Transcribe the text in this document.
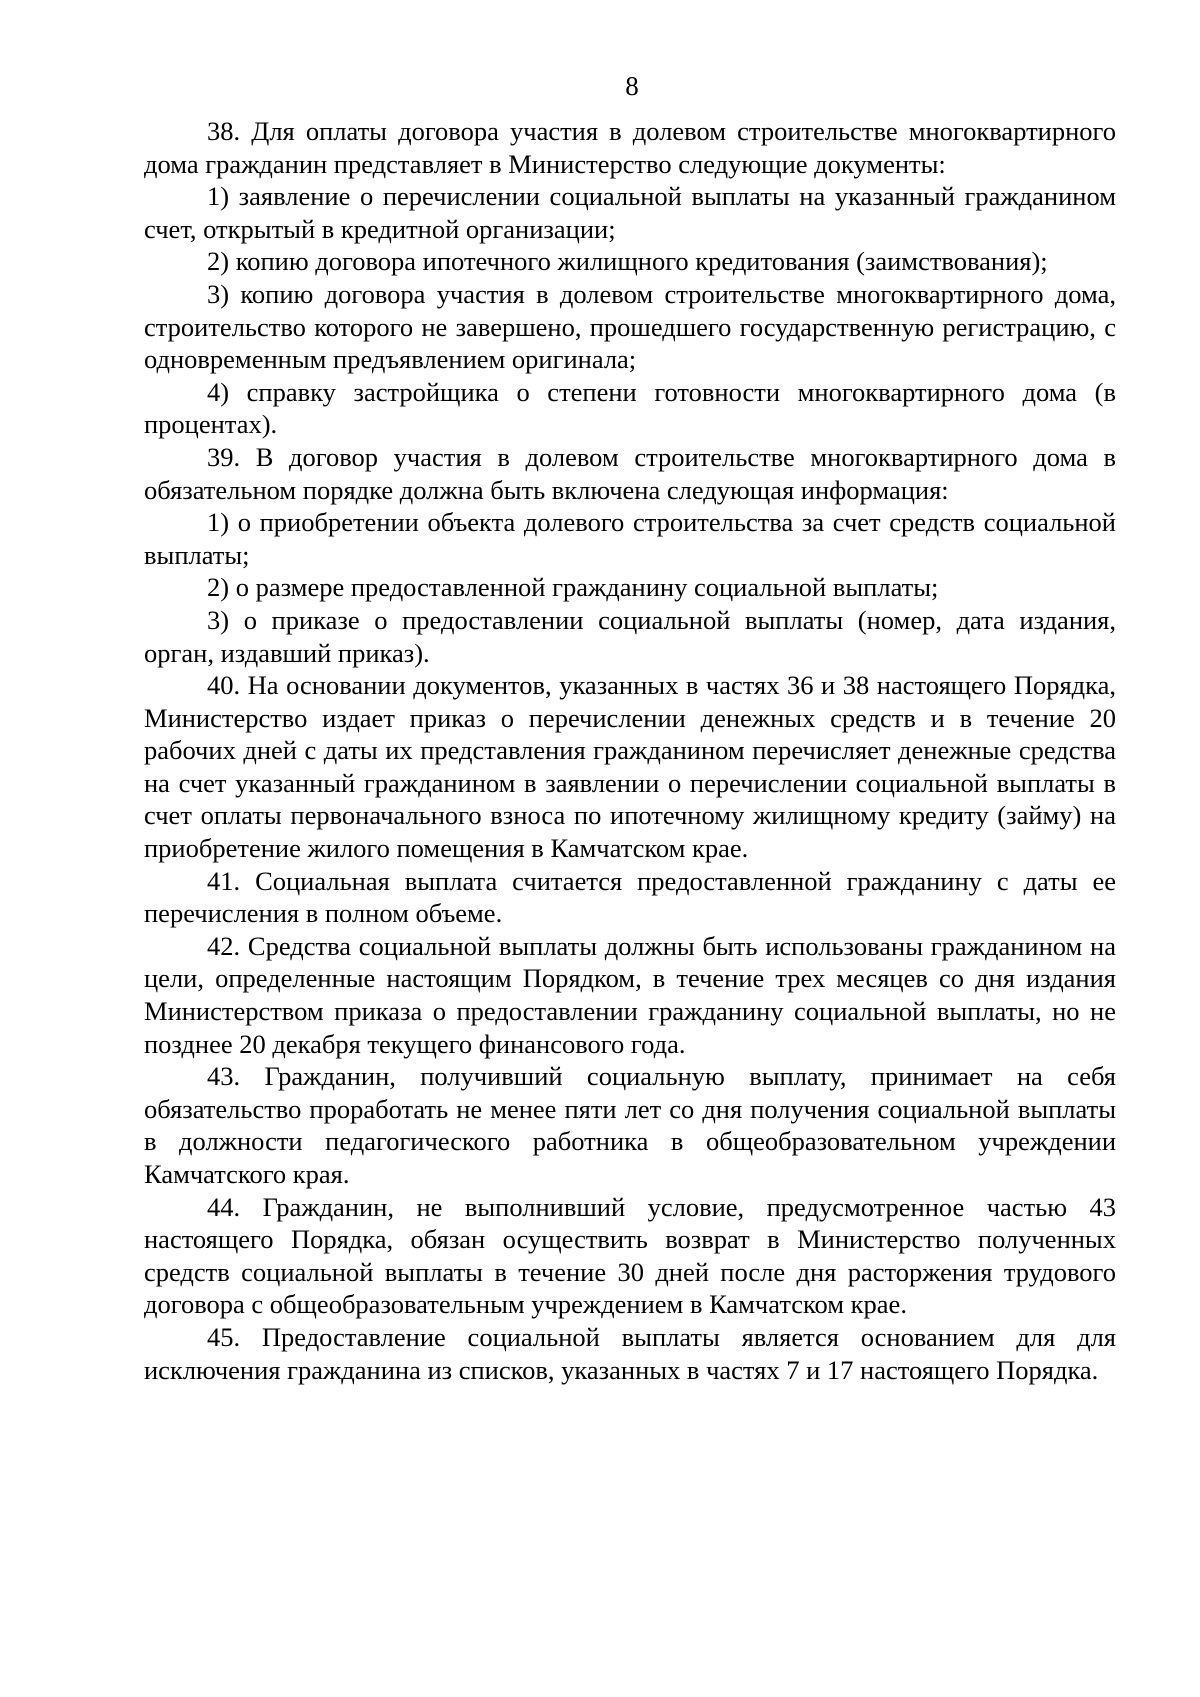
8

38. Для оплаты договора участия в долевом строительстве многоквартирного дома гражданин представляет в Министерство следующие документы:

1) заявление о перечислении социальной выплаты на указанный гражданином счет, открытый в кредитной организации;

2) копию договора ипотечного жилищного кредитования (заимствования);

3) копию договора участия в долевом строительстве многоквартирного дома, строительство которого не завершено, прошедшего государственную регистрацию, с одновременным предъявлением оригинала;

4) справку застройщика о степени готовности многоквартирного дома (в процентах).

39. В договор участия в долевом строительстве многоквартирного дома в обязательном порядке должна быть включена следующая информация:

1) о приобретении объекта долевого строительства за счет средств социальной выплаты;

2) о размере предоставленной гражданину социальной выплаты;

3) о приказе о предоставлении социальной выплаты (номер, дата издания, орган, издавший приказ).

40. На основании документов, указанных в частях 36 и 38 настоящего Порядка, Министерство издает приказ о перечислении денежных средств и в течение 20 рабочих дней с даты их представления гражданином перечисляет денежные средства на счет указанный гражданином в заявлении о перечислении социальной выплаты в счет оплаты первоначального взноса по ипотечному жилищному кредиту (займу) на приобретение жилого помещения в Камчатском крае.

41. Социальная выплата считается предоставленной гражданину с даты ее перечисления в полном объеме.

42. Средства социальной выплаты должны быть использованы гражданином на цели, определенные настоящим Порядком, в течение трех месяцев со дня издания Министерством приказа о предоставлении гражданину социальной выплаты, но не позднее 20 декабря текущего финансового года.

43. Гражданин, получивший социальную выплату, принимает на себя обязательство проработать не менее пяти лет со дня получения социальной выплаты в должности педагогического работника в общеобразовательном учреждении Камчатского края.

44. Гражданин, не выполнивший условие, предусмотренное частью 43 настоящего Порядка, обязан осуществить возврат в Министерство полученных средств социальной выплаты в течение 30 дней после дня расторжения трудового договора с общеобразовательным учреждением в Камчатском крае.

45. Предоставление социальной выплаты является основанием для для исключения гражданина из списков, указанных в частях 7 и 17 настоящего Порядка.
